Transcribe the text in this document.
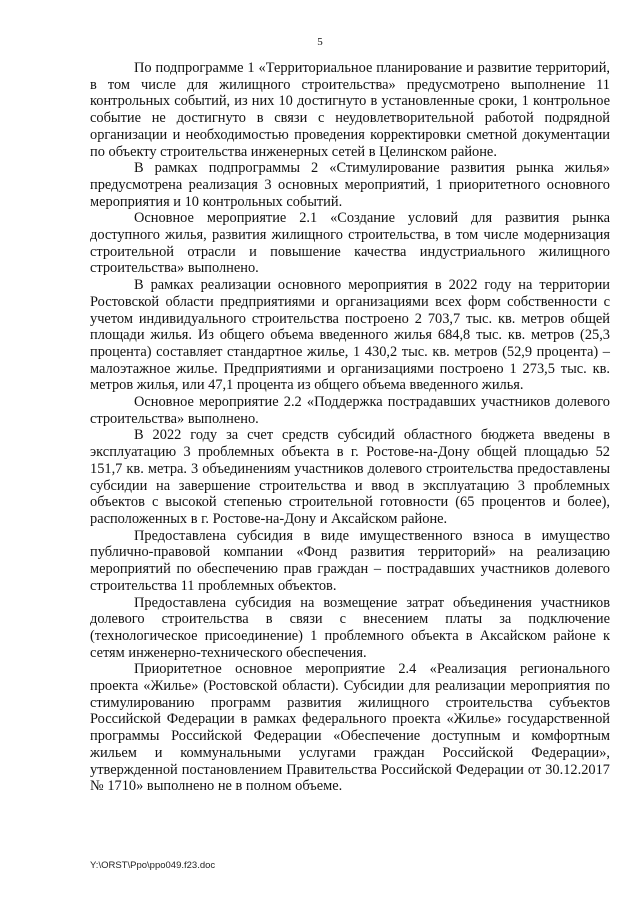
5

По подпрограмме 1 «Территориальное планирование и развитие территорий, в том числе для жилищного строительства» предусмотрено выполнение 11 контрольных событий, из них 10 достигнуто в установленные сроки, 1 контрольное событие не достигнуто в связи с неудовлетворительной работой подрядной организации и необходимостью проведения корректировки сметной документации по объекту строительства инженерных сетей в Целинском районе.

В рамках подпрограммы 2 «Стимулирование развития рынка жилья» предусмотрена реализация 3 основных мероприятий, 1 приоритетного основного мероприятия и 10 контрольных событий.

Основное мероприятие 2.1 «Создание условий для развития рынка доступного жилья, развития жилищного строительства, в том числе модернизация строительной отрасли и повышение качества индустриального жилищного строительства» выполнено.

В рамках реализации основного мероприятия в 2022 году на территории Ростовской области предприятиями и организациями всех форм собственности с учетом индивидуального строительства построено 2 703,7 тыс. кв. метров общей площади жилья. Из общего объема введенного жилья 684,8 тыс. кв. метров (25,3 процента) составляет стандартное жилье, 1 430,2 тыс. кв. метров (52,9 процента) – малоэтажное жилье. Предприятиями и организациями построено 1 273,5 тыс. кв. метров жилья, или 47,1 процента из общего объема введенного жилья.

Основное мероприятие 2.2 «Поддержка пострадавших участников долевого строительства» выполнено.

В 2022 году за счет средств субсидий областного бюджета введены в эксплуатацию 3 проблемных объекта в г. Ростове-на-Дону общей площадью 52 151,7 кв. метра. 3 объединениям участников долевого строительства предоставлены субсидии на завершение строительства и ввод в эксплуатацию 3 проблемных объектов с высокой степенью строительной готовности (65 процентов и более), расположенных в г. Ростове-на-Дону и Аксайском районе.

Предоставлена субсидия в виде имущественного взноса в имущество публично-правовой компании «Фонд развития территорий» на реализацию мероприятий по обеспечению прав граждан – пострадавших участников долевого строительства 11 проблемных объектов.

Предоставлена субсидия на возмещение затрат объединения участников долевого строительства в связи с внесением платы за подключение (технологическое присоединение) 1 проблемного объекта в Аксайском районе к сетям инженерно-технического обеспечения.

Приоритетное основное мероприятие 2.4 «Реализация регионального проекта «Жилье» (Ростовской области). Субсидии для реализации мероприятия по стимулированию программ развития жилищного строительства субъектов Российской Федерации в рамках федерального проекта «Жилье» государственной программы Российской Федерации «Обеспечение доступным и комфортным жильем и коммунальными услугами граждан Российской Федерации», утвержденной постановлением Правительства Российской Федерации от 30.12.2017 № 1710» выполнено не в полном объеме.

Y:\ORST\Ppo\ppo049.f23.doc
